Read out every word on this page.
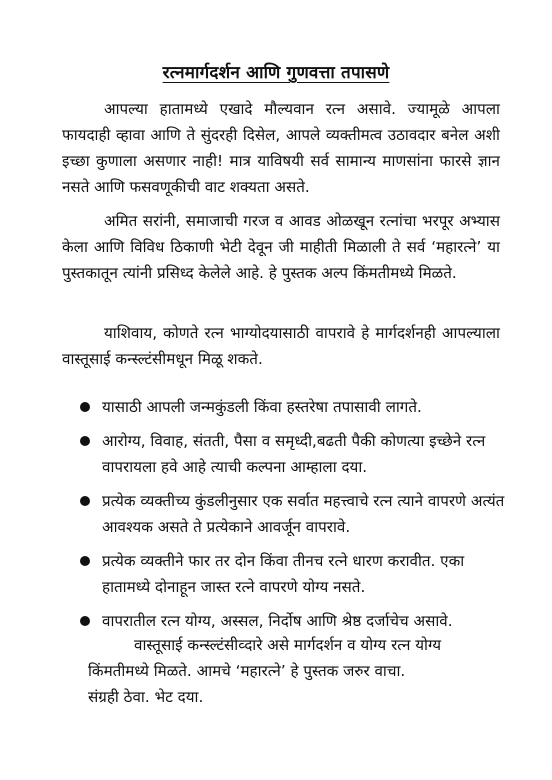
रत्नमार्गदर्शन आणि गुणवत्ता तपासणे

आपल्या हातामध्ये एखादे मौल्यवान रत्न असावे. ज्यामूळे आपला फायदाही व्हावा आणि ते सुंदरही दिसेल, आपले व्यक्तीमत्व उठावदार बनेल अशी इच्छा कुणाला असणार नाही! मात्र याविषयी सर्व सामान्य माणसांना फारसे ज्ञान नसते आणि फसवणूकीची वाट शक्यता असते.

अमित सरांनी, समाजाची गरज व आवड ओळखून रत्नांचा भरपूर अभ्यास केला आणि विविध ठिकाणी भेटी देवून जी माहीती मिळाली ते सर्व ‘महारत्ने’ या पुस्तकातून त्यांनी प्रसिध्द केलेले आहे. हे पुस्तक अल्प किंमतीमध्ये मिळते.

याशिवाय, कोणते रत्न भाग्योदयासाठी वापरावे हे मार्गदर्शनही आपल्याला वास्तूसाई कन्स्ल्टंसीमधून मिळू शकते.

यासाठी आपली जन्मकुंडली किंवा हस्तरेषा तपासावी लागते.
आरोग्य, विवाह, संतती, पैसा व समृध्दी,बढती पैकी कोणत्या इच्छेने रत्न वापरायला हवे आहे त्याची कल्पना आम्हाला दया.
प्रत्येक व्यक्तीच्य कुंडलीनुसार एक सर्वात महत्त्वाचे रत्न त्याने वापरणे अत्यंत आवश्यक असते ते प्रत्येकाने आवर्जून वापरावे.
प्रत्येक व्यक्तीने फार तर दोन किंवा तीनच रत्ने धारण करावीत. एका हातामध्ये दोनाहून जास्त रत्ने वापरणे योग्य नसते.
वापरातील रत्न योग्य, अस्सल, निर्दोष आणि श्रेष्ठ दर्जाचेच असावे.

वास्तूसाई कन्स्ल्टंसीव्दारे असे मार्गदर्शन व योग्य रत्न योग्य
किंमतीमध्ये मिळते. आमचे ‘महारत्ने’ हे पुस्तक जरुर वाचा.
संग्रही ठेवा. भेट दया.
